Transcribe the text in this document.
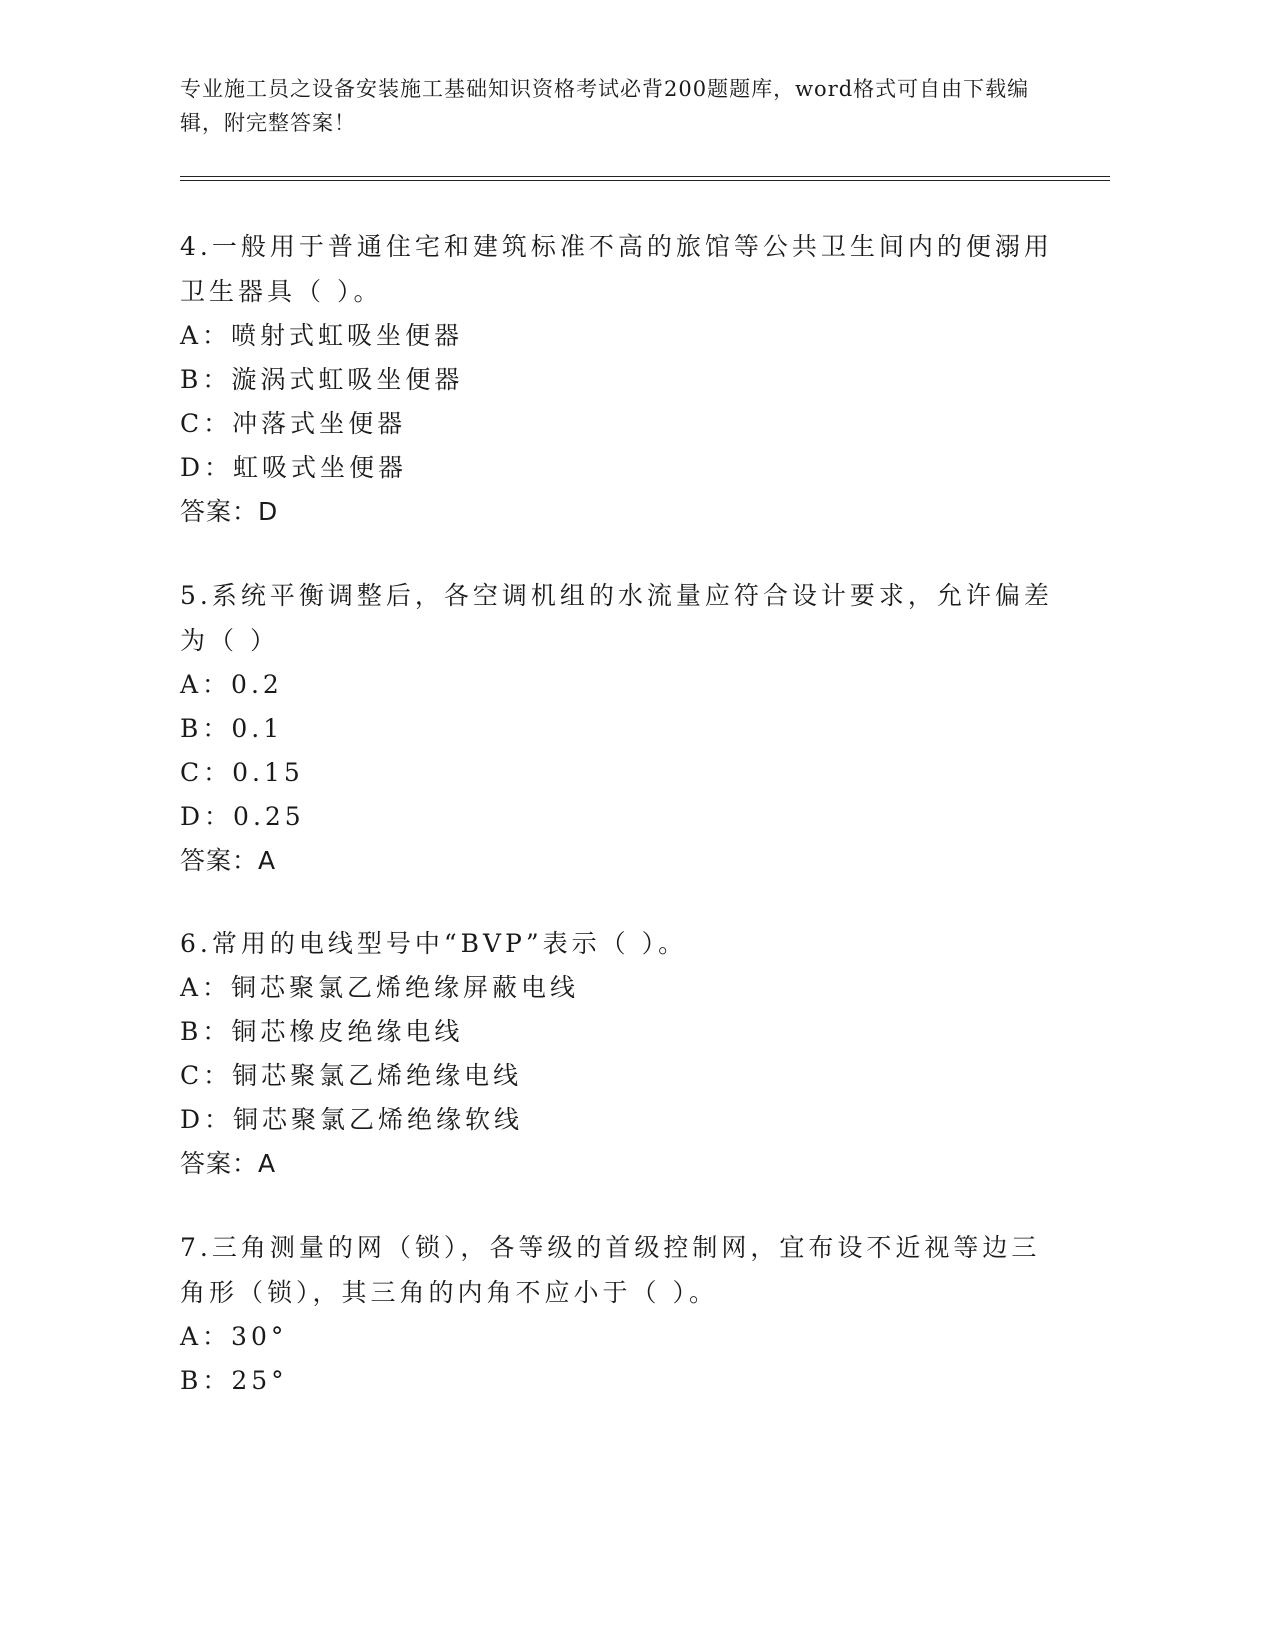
专业施工员之设备安装施工基础知识资格考试必背200题题库，word格式可自由下载编辑，附完整答案！

4.一般用于普通住宅和建筑标准不高的旅馆等公共卫生间内的便溺用卫生器具（ ）。

A：喷射式虹吸坐便器

B：漩涡式虹吸坐便器

C：冲落式坐便器

D：虹吸式坐便器

答案：D

5.系统平衡调整后，各空调机组的水流量应符合设计要求，允许偏差为（ ）

A：0.2

B：0.1

C：0.15

D：0.25

答案：A

6.常用的电线型号中“BVP”表示（ ）。

A：铜芯聚氯乙烯绝缘屏蔽电线

B：铜芯橡皮绝缘电线

C：铜芯聚氯乙烯绝缘电线

D：铜芯聚氯乙烯绝缘软线

答案：A

7.三角测量的网（锁），各等级的首级控制网，宜布设不近视等边三角形（锁），其三角的内角不应小于（ ）。

A：30°

B：25°
